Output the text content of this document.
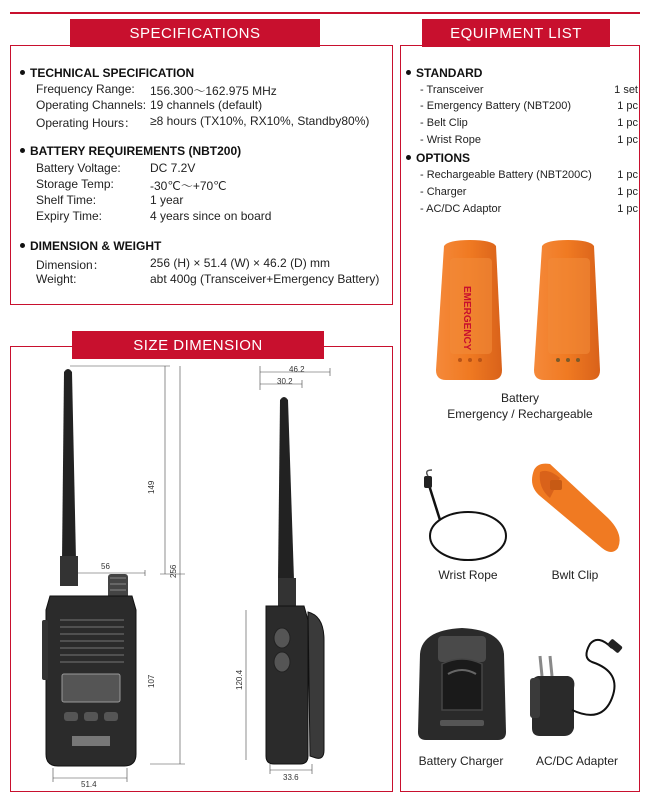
SPECIFICATIONS
TECHNICAL SPECIFICATION
Frequency Range: 156.300～162.975 MHz
Operating Channels: 19 channels (default)
Operating Hours： ≥8 hours (TX10%, RX10%, Standby80%)
BATTERY REQUIREMENTS (NBT200)
Battery Voltage: DC 7.2V
Storage Temp:	-30℃～+70℃
Shelf Time:	1 year
Expiry Time:	4 years since on board
DIMENSION & WEIGHT
Dimension：	256 (H) × 51.4 (W) × 46.2 (D) mm
Weight:	abt 400g (Transceiver+Emergency Battery)
EQUIPMENT LIST
STANDARD
- Transceiver	1 set
- Emergency Battery (NBT200)	1 pc
- Belt Clip	1 pc
- Wrist Rope	1 pc
OPTIONS
- Rechargeable Battery (NBT200C) 1 pc
- Charger	1 pc
- AC/DC Adaptor	1 pc
EMERGENCY
Battery
Emergency / Rechargeable
Wrist Rope	Bwlt Clip
Battery Charger	AC/DC Adapter
SIZE DIMENSION
56
51.4
149
256
107
46.2
30.2
120.4
33.6
